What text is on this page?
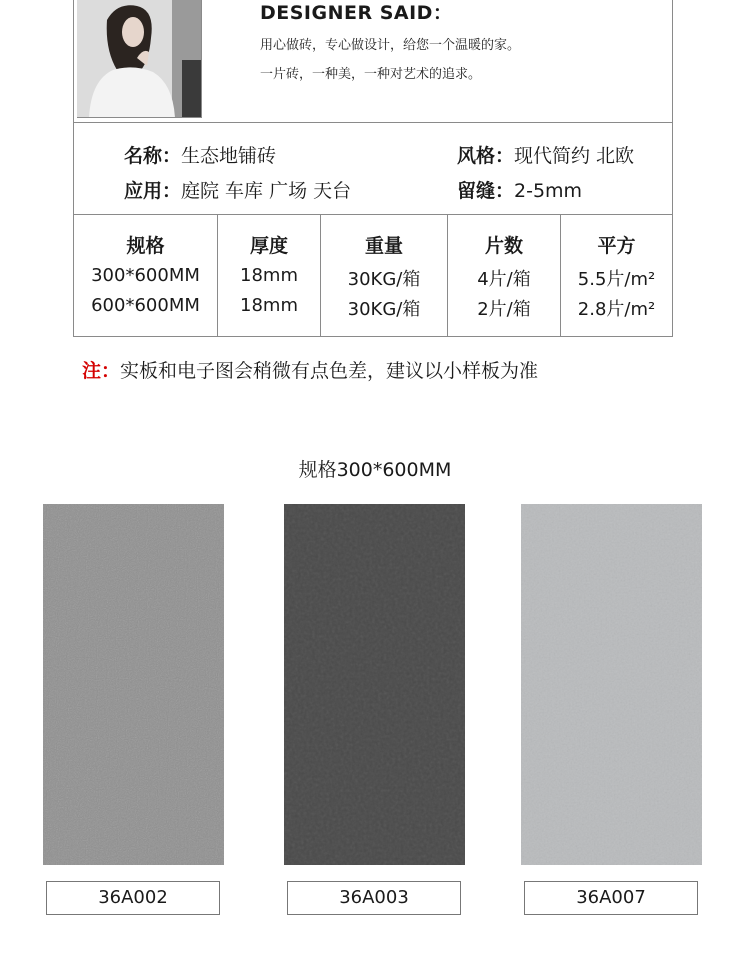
DESIGNER SAID：
用心做砖，专心做设计，给您一个温暖的家。
一片砖，一种美，一种对艺术的追求。
名称：生态地铺砖
应用：庭院 车库 广场 天台
风格：现代简约 北欧
留缝：2-5mm
规格
300*600MM
600*600MM
厚度
18mm
18mm
重量
30KG/箱
30KG/箱
片数
4片/箱
2片/箱
平方
5.5片/m²
2.8片/m²
注：实板和电子图会稍微有点色差，建议以小样板为准
规格300*600MM
36A002	36A003	36A007
